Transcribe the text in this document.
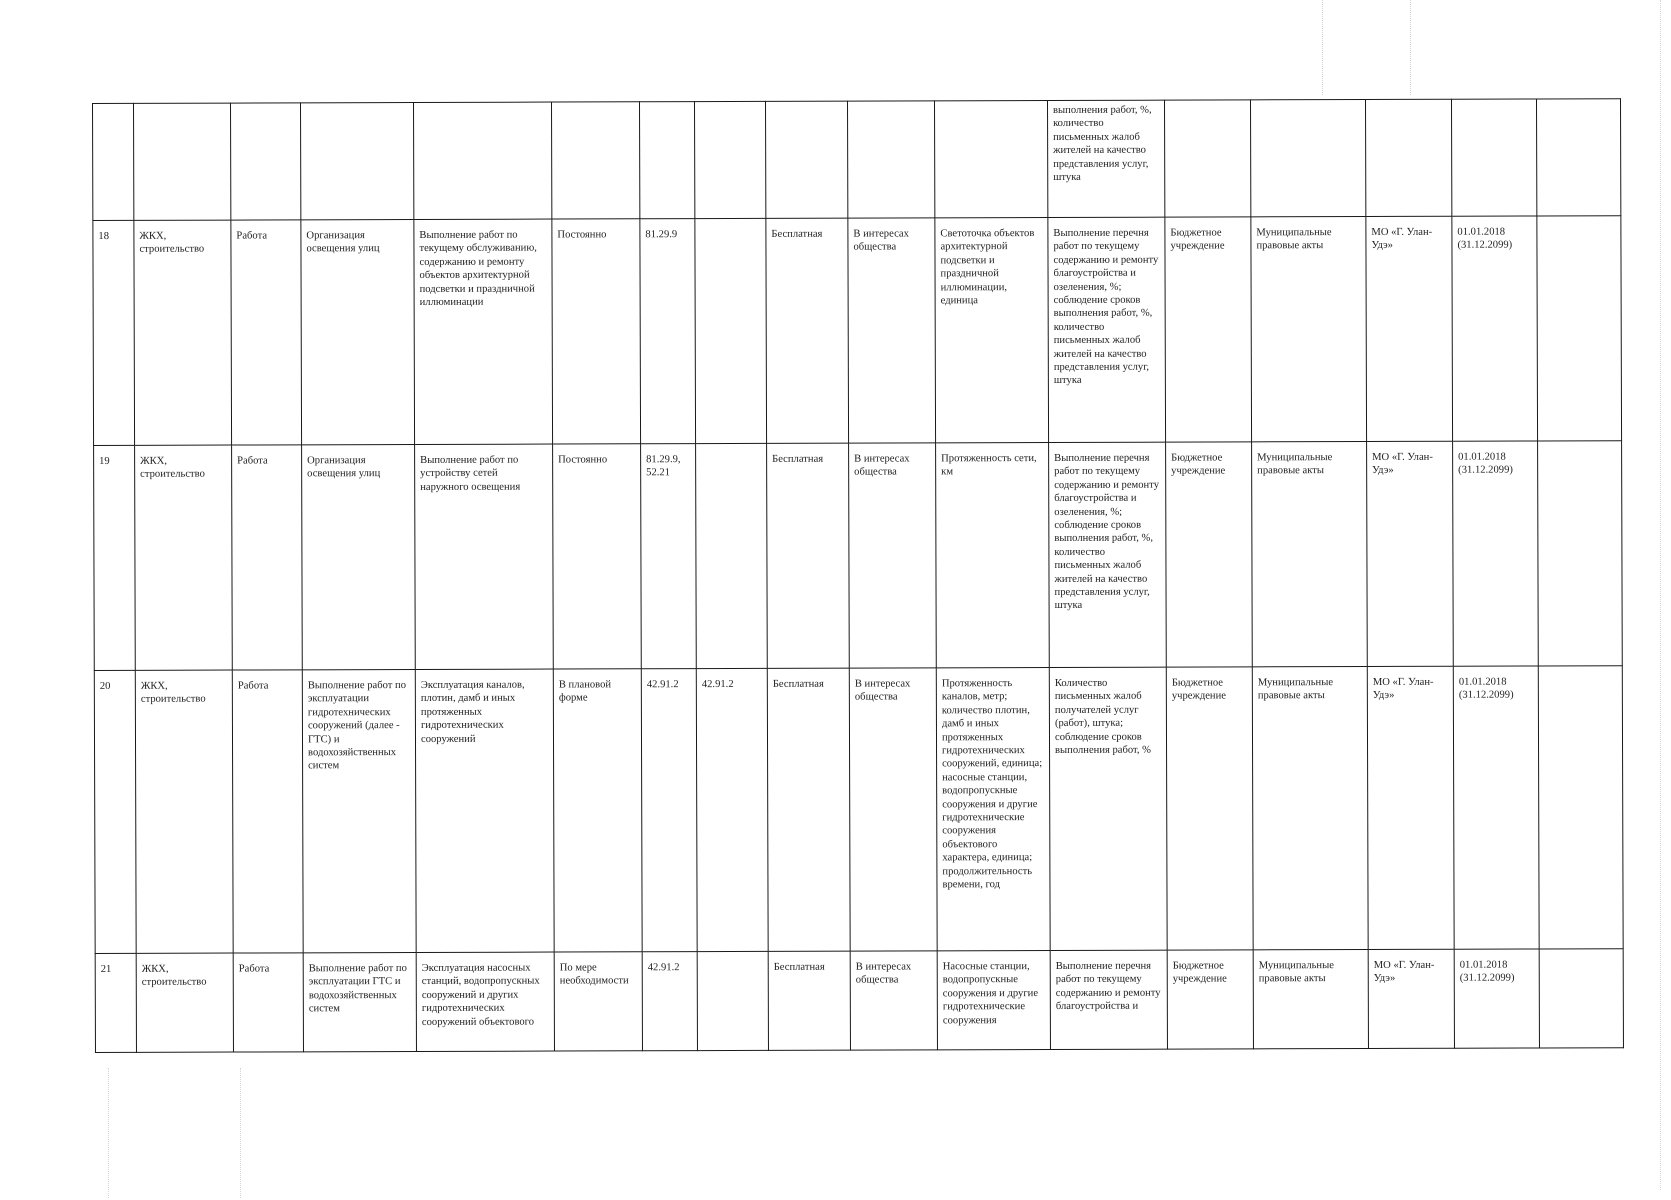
											выполнения работ, %, количество письменных жалоб жителей на качество представления услуг, штука					
18	ЖКХ, строительство	Работа	Организация освещения улиц	Выполнение работ по текущему обслуживанию, содержанию и ремонту объектов архитектурной подсветки и праздничной иллюминации	Постоянно	81.29.9		Бесплатная	В интересах общества	Светоточка объектов архитектурной подсветки и праздничной иллюминации, единица	Выполнение перечня работ по текущему содержанию и ремонту благоустройства и озеленения, %; соблюдение сроков выполнения работ, %, количество письменных жалоб жителей на качество представления услуг, штука	Бюджетное учреждение	Муниципальные правовые акты	МО «Г. Улан-Удэ»	01.01.2018 (31.12.2099)	
19	ЖКХ, строительство	Работа	Организация освещения улиц	Выполнение работ по устройству сетей наружного освещения	Постоянно	81.29.9, 52.21		Бесплатная	В интересах общества	Протяженность сети, км	Выполнение перечня работ по текущему содержанию и ремонту благоустройства и озеленения, %; соблюдение сроков выполнения работ, %, количество письменных жалоб жителей на качество представления услуг, штука	Бюджетное учреждение	Муниципальные правовые акты	МО «Г. Улан-Удэ»	01.01.2018 (31.12.2099)	
20	ЖКХ, строительство	Работа	Выполнение работ по эксплуатации гидротехнических сооружений (далее - ГТС) и водохозяйственных систем	Эксплуатация каналов, плотин, дамб и иных протяженных гидротехнических сооружений	В плановой форме	42.91.2	42.91.2	Бесплатная	В интересах общества	Протяженность каналов, метр; количество плотин, дамб и иных протяженных гидротехнических сооружений, единица; насосные станции, водопропускные сооружения и другие гидротехнические сооружения объектового характера, единица; продолжительность времени, год	Количество письменных жалоб получателей услуг (работ), штука; соблюдение сроков выполнения работ, %	Бюджетное учреждение	Муниципальные правовые акты	МО «Г. Улан-Удэ»	01.01.2018 (31.12.2099)	
21	ЖКХ, строительство	Работа	Выполнение работ по эксплуатации ГТС и водохозяйственных систем	Эксплуатация насосных станций, водопропускных сооружений и других гидротехнических сооружений объектового	По мере необходимости	42.91.2		Бесплатная	В интересах общества	Насосные станции, водопропускные сооружения и другие гидротехнические сооружения	Выполнение перечня работ по текущему содержанию и ремонту благоустройства и	Бюджетное учреждение	Муниципальные правовые акты	МО «Г. Улан-Удэ»	01.01.2018 (31.12.2099)	
